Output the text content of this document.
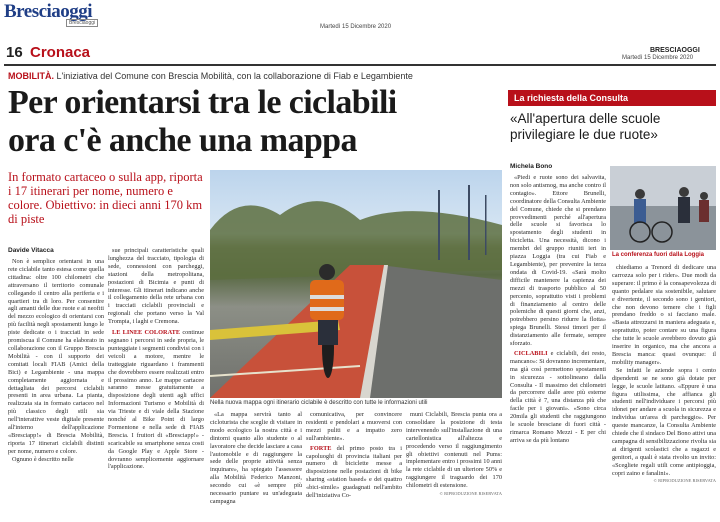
Bresciaoggi
Bresciaoggi
Martedì 15 Dicembre 2020
16 Cronaca	BRESCIAOGGI
Martedì 15 Dicembre 2020
MOBILITÀ. L'iniziativa del Comune con Brescia Mobilità, con la collaborazione di Fiab e Legambiente
Per orientarsi tra le ciclabili
ora c'è anche una mappa
In formato cartaceo o sulla app, riporta i 17 itinerari per nome, numero e colore. Obiettivo: in dieci anni 170 km di piste
Nella nuova mappa ogni itinerario ciclabile è descritto con tutte le informazioni utili
Davide Vitacca

Non è semplice orientarsi in una rete ciclabile tanto estesa come quella cittadina: oltre 100 chilometri che attraversano il territorio comunale collegando il centro alla periferia e i quartieri tra di loro. Per consentire agli amanti delle due ruote e ai neofiti del mezzo ecologico di orientarsi con più facilità negli spostamenti lungo le piste dedicate o i tracciati in sede promiscua il Comune ha elaborato in collaborazione con il Gruppo Brescia Mobilità - con il supporto dei comitati locali FIAB (Amici della Bici) e Legambiente - una mappa completamente aggiornata e dettagliata dei percorsi ciclabili presenti in area urbana. La pianta, realizzata sia in formato cartaceo nel più classico degli stili sia nell'interattive veste digitale presente all'interno dell'applicazione «Bresciapp!» di Brescia Mobilità, riporta 17 itinerari ciclabili distinti per nome, numero e colore.

Ognuno è descritto nelle

sue principali caratteristiche quali lunghezza del tracciato, tipologia di sede, connessioni con parcheggi, stazioni della metropolitana, postazioni di Bicimia e punti di interesse. Gli itinerari indicano anche il collegamento della rete urbana con i tracciati ciclabili provinciali e regionali che portano verso la Val Trompia, i laghi e Cremona.

LE LINEE COLORATE continue segnano i percorsi in sede propria, le punteggiate i segmenti condivisi con i veicoli a motore, mentre le tratteggiate riguardano i frammenti che dovrebbero essere realizzati entro il prossimo anno. Le mappe cartacee saranno messe gratuitamente a disposizione degli utenti agli uffici Informazioni Turismo e Mobilità di via Trieste e di viale della Stazione nonché al Bike Point di largo Formentone e nella sede di FIAB Brescia. I fruitori di «Bresciapp!» - scaricabile su smartphone senza costi da Google Play e Apple Store - dovranno semplicemente aggiornare l'applicazione.

«La mappa servirà tanto al cicloturista che sceglie di visitare in modo ecologico la nostra città e i dintorni quanto allo studente o al lavoratore che decide lasciare a casa l'automobile e di raggiungere la sede delle proprie attività senza inquinare», ha spiegato l'assessore alla Mobilità Federico Manzoni, secondo cui «è sempre più necessario puntare su un'adeguata campagna

comunicativa, per convincere residenti e pendolari a muoversi con mezzi puliti e a impatto zero sull'ambiente».

FORTE del primo posto tra i capoluoghi di provincia italiani per numero di biciclette messe a disposizione nelle postazioni di bike sharing «station based» e dei quattro «bici-simile» guadagnati nell'ambito dell'iniziativa Co-

muni Ciclabili, Brescia punta ora a consolidare la posizione di testa intervenendo sull'installazione di una cartellonistica all'altezza e procedendo verso il raggiungimento gli obiettivi contenuti nel Pums: implementare entro i prossimi 10 anni la rete ciclabile di un ulteriore 50% e raggiungere il traguardo dei 170 chilometri di estensione.

© RIPRODUZIONE RISERVATA

La richiesta della Consulta
«All'apertura delle scuole privilegiare le due ruote»
Michela Bono

«Piedi e ruote sono dei salvavita, non solo antismog, ma anche contro il contagio». Ettore Brunelli, coordinatore della Consulta Ambiente del Comune, chiede che si prendano provvedimenti perché all'apertura delle scuole si favorisca lo spostamento degli studenti in bicicletta. Una necessità, dicono i membri del gruppo riuniti ieri in piazza Loggia (tra cui Fiab e Legambiente), per prevenire la terza ondata di Covid-19. «Sarà molto difficile mantenere la capienza dei mezzi di trasporto pubblico al 50 percento, soprattutto visti i problemi di finanziamento al centro delle polemiche di questi giorni che, anzi, potrebbero persino ridurre la flotta» spiega Brunelli. Stessi timori per il distanziamento alle fermate, sempre sforzato.

CICLABILI e ciclabili, dei resto, mancano»: Si dovranno incrementare, ma già così permettono spostamenti in sicurezza - sottolineano dalla Consulta - Il massimo dei chilometri da percorrere dalle aree più esterne della città è 7, una distanza più che facile per i giovani». «Sono circa 20mila gli studenti che raggiungono le scuole bresciane di fuori città - rimarca Romano Mezzi - E per chi arriva se da più lontano

La conferenza fuori dalla Loggia

chiediamo a Trenord di dedicare una carrozza solo per i rider». Due modi da superare: il primo è la consapevolezza di quanto pedalare sia sostenibile, salutare e divertente, il secondo sono i genitori, che non devono temere che i figli prendano freddo o si facciano male. «Basta attrezzarsi in maniera adeguata e, soprattutto, poter contare su una figura che tutte le scuole avrebbero dovuto già inserire in organico, ma che ancora a Brescia manca: quasi ovunque: il mobility manager».

Se infatti le aziende sopra i cento dipendenti se ne sono già dotate per legge, le scuole latitano. «Eppure è una figura utilissima, che affianca gli studenti nell'individuare i percorsi più idonei per andare a scuola in sicurezza e individua un'area di parcheggio». Per queste mancanze, la Consulta Ambiente chiede che il sindaco Del Bono attivi una campagna di sensibilizzazione rivolta sia ai dirigenti scolastici che a ragazzi e genitori, a quali è stata rivolto un invito: «Scegliete regali utili come antipioggia, copri zaino e fanalini».

© RIPRODUZIONE RISERVATA
